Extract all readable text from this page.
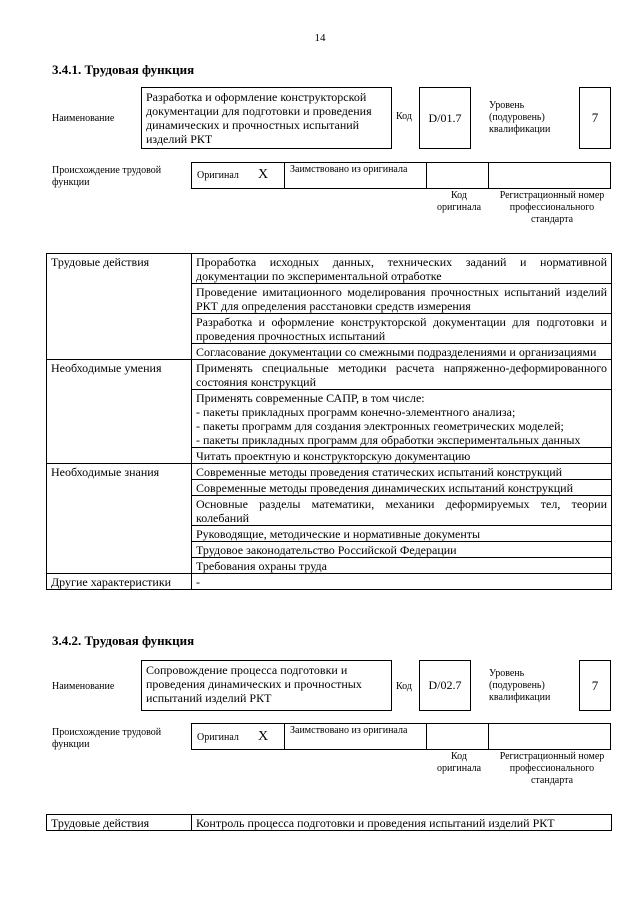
14
3.4.1. Трудовая функция
Наименование
Разработка и оформление конструкторской документации для подготовки и проведения динамических и прочностных испытаний изделий РКТ
Код D/01.7
Уровень (подуровень) квалификации
7
Происхождение трудовой функции
Оригинал X Заимствовано из оригинала
Код оригинала
Регистрационный номер профессионального стандарта
Трудовые действия	Проработка исходных данных, технических заданий и нормативной документации по экспериментальной отработке
	Проведение имитационного моделирования прочностных испытаний изделий РКТ для определения расстановки средств измерения
	Разработка и оформление конструкторской документации для подготовки и проведения прочностных испытаний
	Согласование документации со смежными подразделениями и организациями
Необходимые умения	Применять специальные методики расчета напряженно-деформированного состояния конструкций

	Применять современные САПР, в том числе:
- пакеты прикладных программ конечно-элементного анализа;
- пакеты программ для создания электронных геометрических моделей;
- пакеты прикладных программ для обработки экспериментальных данных

	Читать проектную и конструкторскую документацию
Необходимые знания	Современные методы проведения статических испытаний конструкций
	Современные методы проведения динамических испытаний конструкций
	Основные разделы математики, механики деформируемых тел, теории колебаний
	Руководящие, методические и нормативные документы
	Трудовое законодательство Российской Федерации
	Требования охраны труда
Другие характеристики	-
3.4.2. Трудовая функция
Наименование
Сопровождение процесса подготовки и проведения динамических и прочностных испытаний изделий РКТ
Код D/02.7
Уровень (подуровень) квалификации
7
Происхождение трудовой функции
Оригинал X Заимствовано из оригинала
Код оригинала
Регистрационный номер профессионального стандарта
Трудовые действия	Контроль процесса подготовки и проведения испытаний изделий РКТ
